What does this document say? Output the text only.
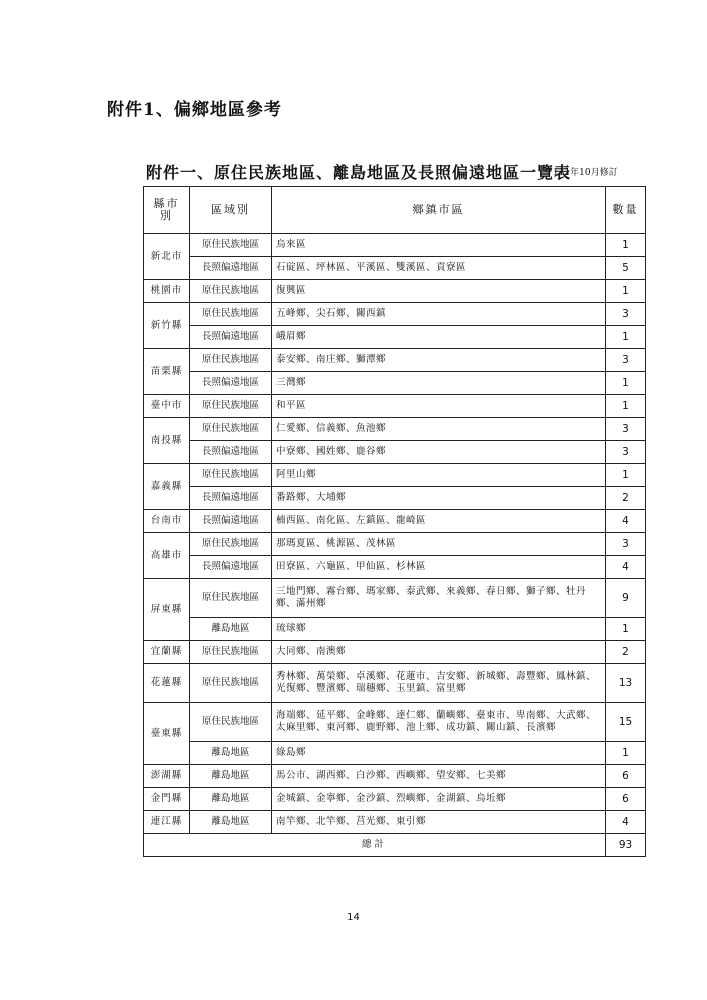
附件1、偏鄉地區參考
附件一、原住民族地區、離島地區及長照偏遠地區一覽表
111年10月修訂
縣市別	區域別	鄉鎮市區	數量
新北市	原住民族地區	烏來區	1
	長照偏遠地區	石碇區、坪林區、平溪區、雙溪區、貢寮區	5
桃園市	原住民族地區	復興區	1
新竹縣	原住民族地區	五峰鄉、尖石鄉、關西鎮	3
	長照偏遠地區	峨眉鄉	1
苗栗縣	原住民族地區	泰安鄉、南庄鄉、獅潭鄉	3
	長照偏遠地區	三灣鄉	1
臺中市	原住民族地區	和平區	1
南投縣	原住民族地區	仁愛鄉、信義鄉、魚池鄉	3
	長照偏遠地區	中寮鄉、國姓鄉、鹿谷鄉	3
嘉義縣	原住民族地區	阿里山鄉	1
	長照偏遠地區	番路鄉、大埔鄉	2
台南市	長照偏遠地區	楠西區、南化區、左鎮區、龍崎區	4
高雄市	原住民族地區	那瑪夏區、桃源區、茂林區	3
	長照偏遠地區	田寮區、六龜區、甲仙區、杉林區	4
屏東縣	原住民族地區	三地門鄉、霧台鄉、瑪家鄉、泰武鄉、來義鄉、春日鄉、獅子鄉、牡丹鄉、滿州鄉	9
	離島地區	琉球鄉	1
宜蘭縣	原住民族地區	大同鄉、南澳鄉	2
花蓮縣	原住民族地區	秀林鄉、萬榮鄉、卓溪鄉、花蓮市、吉安鄉、新城鄉、壽豐鄉、鳳林鎮、光復鄉、豐濱鄉、瑞穗鄉、玉里鎮、富里鄉	13
臺東縣	原住民族地區	海端鄉、延平鄉、金峰鄉、達仁鄉、蘭嶼鄉、臺東市、卑南鄉、大武鄉、太麻里鄉、東河鄉、鹿野鄉、池上鄉、成功鎮、關山鎮、長濱鄉	15
	離島地區	綠島鄉	1
澎湖縣	離島地區	馬公市、湖西鄉、白沙鄉、西嶼鄉、望安鄉、七美鄉	6
金門縣	離島地區	金城鎮、金寧鄉、金沙鎮、烈嶼鄉、金湖鎮、烏坵鄉	6
連江縣	離島地區	南竿鄉、北竿鄉、莒光鄉、東引鄉	4
總計			93
14
